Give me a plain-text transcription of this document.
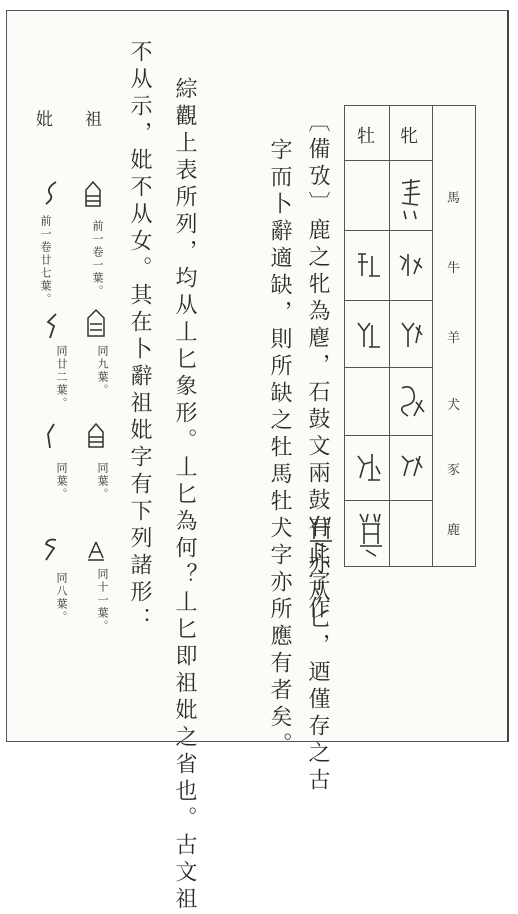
牡 牝
馬
牛
羊
犬
豕
鹿
〔備攷〕鹿之牝為麀，石鼓文兩鼓有此字作
亦从匕，迺僅存之古
字而卜辭適缺，則所缺之牡馬牡犬字亦所應有者矣。
綜觀上表所列，均从丄匕象形。丄匕為何？丄匕即祖妣之省也。古文祖
不从示，妣不从女。其在卜辭祖妣字有下列諸形：
祖
前一卷一葉。
同九葉。
同葉。
同十一葉。
妣
前一卷廿七葉。
同廿二葉。
同葉。
同八葉。
